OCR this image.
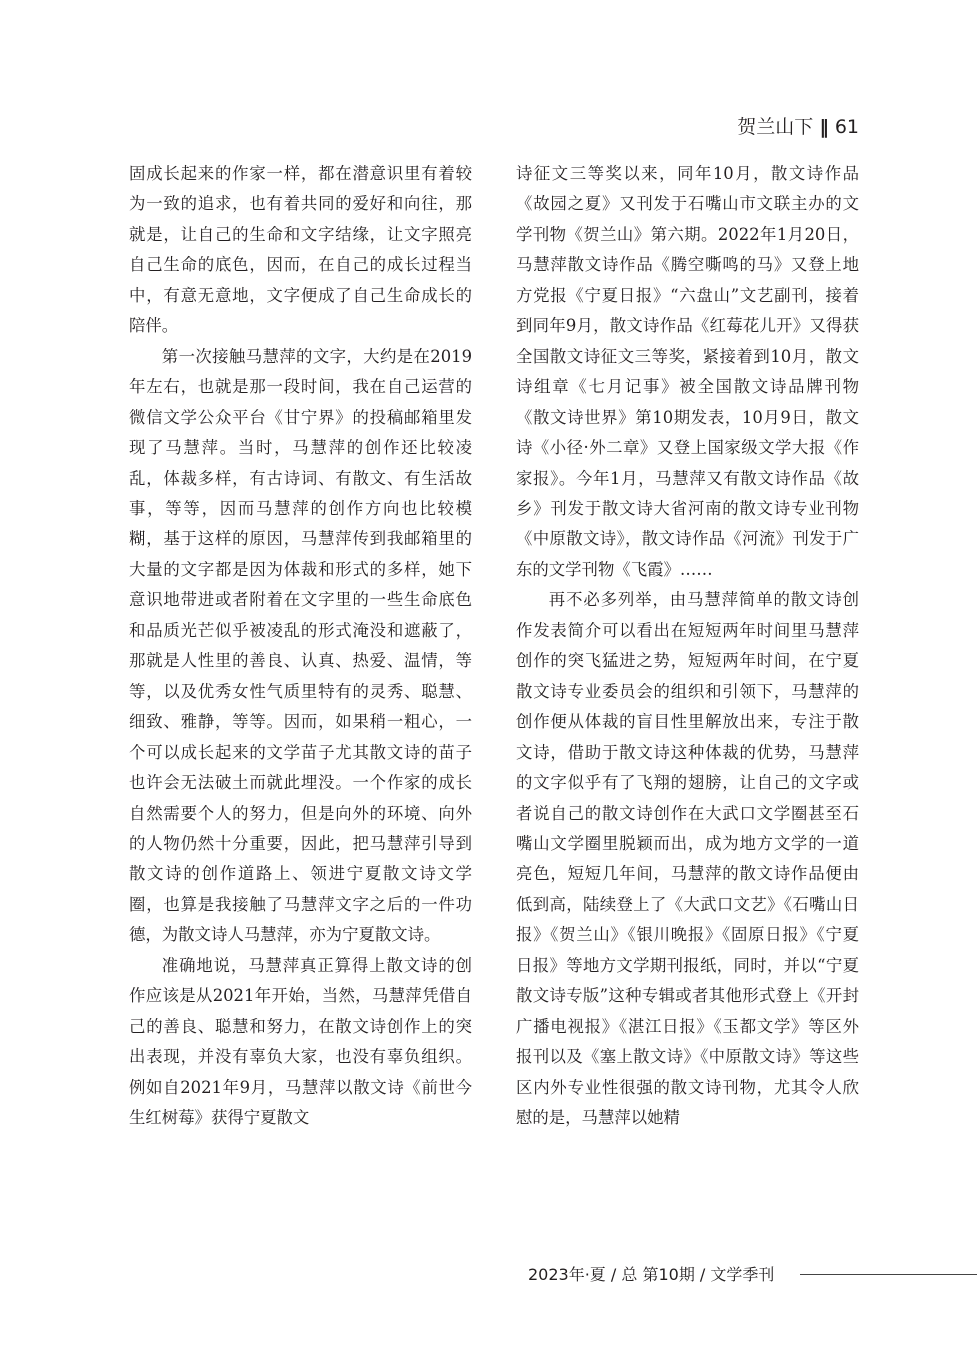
贺兰山下 ‖ 61

固成长起来的作家一样，都在潜意识里有着较为一致的追求，也有着共同的爱好和向往，那就是，让自己的生命和文字结缘，让文字照亮自己生命的底色，因而，在自己的成长过程当中，有意无意地，文字便成了自己生命成长的陪伴。

第一次接触马慧萍的文字，大约是在2019年左右，也就是那一段时间，我在自己运营的微信文学公众平台《甘宁界》的投稿邮箱里发现了马慧萍。当时，马慧萍的创作还比较凌乱，体裁多样，有古诗词、有散文、有生活故事，等等，因而马慧萍的创作方向也比较模糊，基于这样的原因，马慧萍传到我邮箱里的大量的文字都是因为体裁和形式的多样，她下意识地带进或者附着在文字里的一些生命底色和品质光芒似乎被凌乱的形式淹没和遮蔽了，那就是人性里的善良、认真、热爱、温情，等等，以及优秀女性气质里特有的灵秀、聪慧、细致、雅静，等等。因而，如果稍一粗心，一个可以成长起来的文学苗子尤其散文诗的苗子也许会无法破土而就此埋没。一个作家的成长自然需要个人的努力，但是向外的环境、向外的人物仍然十分重要，因此，把马慧萍引导到散文诗的创作道路上、领进宁夏散文诗文学圈，也算是我接触了马慧萍文字之后的一件功德，为散文诗人马慧萍，亦为宁夏散文诗。

准确地说，马慧萍真正算得上散文诗的创作应该是从2021年开始，当然，马慧萍凭借自己的善良、聪慧和努力，在散文诗创作上的突出表现，并没有辜负大家，也没有辜负组织。例如自2021年9月，马慧萍以散文诗《前世今生红树莓》获得宁夏散文

诗征文三等奖以来，同年10月，散文诗作品《故园之夏》又刊发于石嘴山市文联主办的文学刊物《贺兰山》第六期。2022年1月20日，马慧萍散文诗作品《腾空嘶鸣的马》又登上地方党报《宁夏日报》“六盘山”文艺副刊，接着到同年9月，散文诗作品《红莓花儿开》又得获全国散文诗征文三等奖，紧接着到10月，散文诗组章《七月记事》被全国散文诗品牌刊物《散文诗世界》第10期发表，10月9日，散文诗《小径·外二章》又登上国家级文学大报《作家报》。今年1月，马慧萍又有散文诗作品《故乡》刊发于散文诗大省河南的散文诗专业刊物《中原散文诗》，散文诗作品《河流》刊发于广东的文学刊物《飞霞》……

再不必多列举，由马慧萍简单的散文诗创作发表简介可以看出在短短两年时间里马慧萍创作的突飞猛进之势，短短两年时间，在宁夏散文诗专业委员会的组织和引领下，马慧萍的创作便从体裁的盲目性里解放出来，专注于散文诗，借助于散文诗这种体裁的优势，马慧萍的文字似乎有了飞翔的翅膀，让自己的文字或者说自己的散文诗创作在大武口文学圈甚至石嘴山文学圈里脱颖而出，成为地方文学的一道亮色，短短几年间，马慧萍的散文诗作品便由低到高，陆续登上了《大武口文艺》《石嘴山日报》《贺兰山》《银川晚报》《固原日报》《宁夏日报》等地方文学期刊报纸，同时，并以“宁夏散文诗专版”这种专辑或者其他形式登上《开封广播电视报》《湛江日报》《玉都文学》等区外报刊以及《塞上散文诗》《中原散文诗》等这些区内外专业性很强的散文诗刊物，尤其令人欣慰的是，马慧萍以她精

2023年·夏 / 总 第10期 / 文学季刊
